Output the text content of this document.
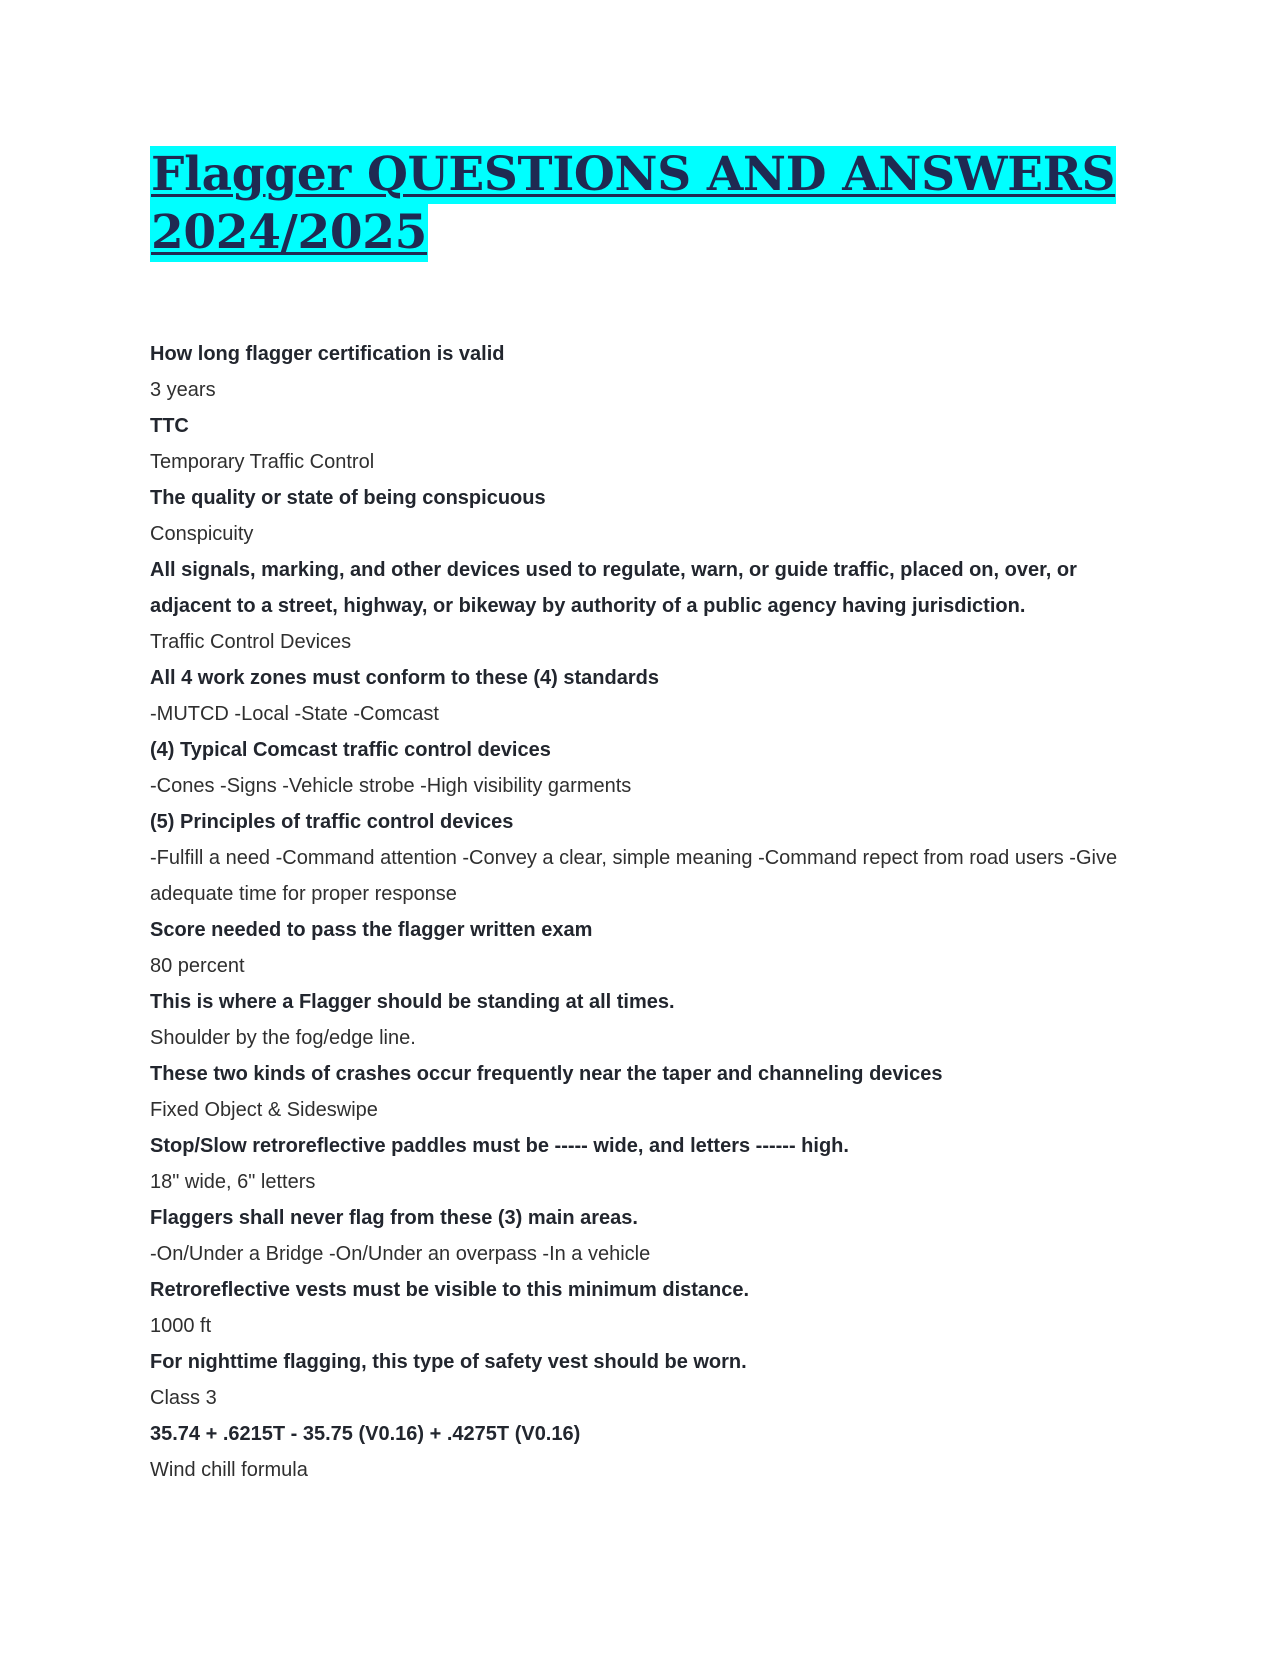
Flagger QUESTIONS AND ANSWERS
2024/2025
How long flagger certification is valid
3 years
TTC
Temporary Traffic Control
The quality or state of being conspicuous
Conspicuity
All signals, marking, and other devices used to regulate, warn, or guide traffic, placed on, over, or adjacent to a street, highway, or bikeway by authority of a public agency having jurisdiction.
Traffic Control Devices
All 4 work zones must conform to these (4) standards
-MUTCD -Local -State -Comcast
(4) Typical Comcast traffic control devices
-Cones -Signs -Vehicle strobe -High visibility garments
(5) Principles of traffic control devices
-Fulfill a need -Command attention -Convey a clear, simple meaning -Command repect from road users -Give adequate time for proper response
Score needed to pass the flagger written exam
80 percent
This is where a Flagger should be standing at all times.
Shoulder by the fog/edge line.
These two kinds of crashes occur frequently near the taper and channeling devices
Fixed Object & Sideswipe
Stop/Slow retroreflective paddles must be ----- wide, and letters ------ high.
18" wide, 6" letters
Flaggers shall never flag from these (3) main areas.
-On/Under a Bridge -On/Under an overpass -In a vehicle
Retroreflective vests must be visible to this minimum distance.
1000 ft
For nighttime flagging, this type of safety vest should be worn.
Class 3
35.74 + .6215T - 35.75 (V0.16) + .4275T (V0.16)
Wind chill formula
